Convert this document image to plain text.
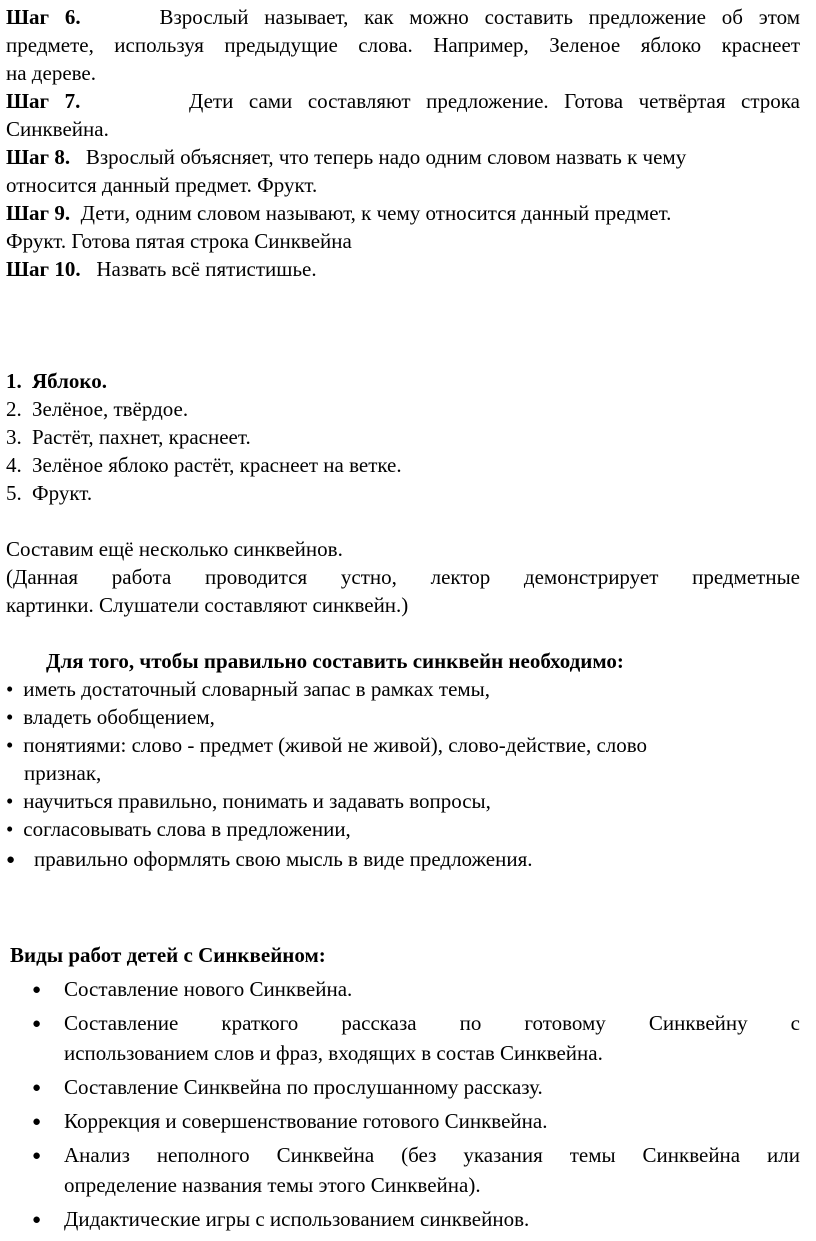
Шаг 6.	Взрослый называет, как можно составить предложение об этом
предмете, используя предыдущие слова. Например, Зеленое яблоко краснеет
на дереве.
Шаг 7.	Дети сами составляют предложение. Готова четвёртая строка
Синквейна.
Шаг 8. Взрослый объясняет, что теперь надо одним словом назвать к чему
относится данный предмет. Фрукт.
Шаг 9. Дети, одним словом называют, к чему относится данный предмет.
Фрукт. Готова пятая строка Синквейна
Шаг 10. Назвать всё пятистишье.
1. Яблоко.
2. Зелёное, твёрдое.
3. Растёт, пахнет, краснеет.
4. Зелёное яблоко растёт, краснеет на ветке.
5. Фрукт.
Составим ещё несколько синквейнов.
(Данная работа проводится устно, лектор демонстрирует предметные
картинки. Слушатели составляют синквейн.)
Для того, чтобы правильно составить синквейн необходимо:
• иметь достаточный словарный запас в рамках темы,
• владеть обобщением,
• понятиями: слово - предмет (живой не живой), слово-действие, слово
признак,
• научиться правильно, понимать и задавать вопросы,
• согласовывать слова в предложении,
● правильно оформлять свою мысль в виде предложения.
Виды работ детей с Синквейном:
● Составление нового Синквейна.
● Составление краткого рассказа по готовому Синквейну с
использованием слов и фраз, входящих в состав Синквейна.
● Составление Синквейна по прослушанному рассказу.
● Коррекция и совершенствование готового Синквейна.
● Анализ неполного Синквейна (без указания темы Синквейна или
определение названия темы этого Синквейна).
● Дидактические игры с использованием синквейнов.
